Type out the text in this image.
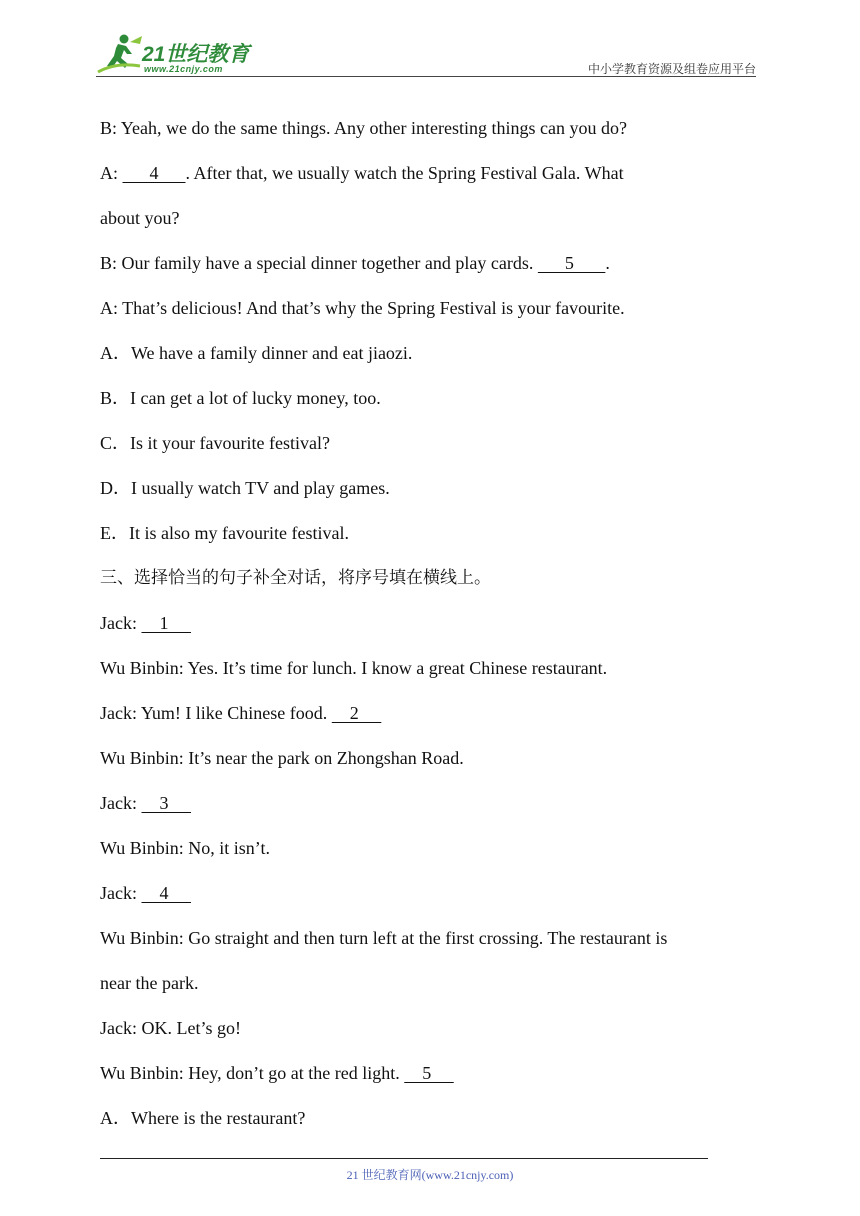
21世纪教育
www.21cnjy.com	中小学教育资源及组卷应用平台
B: Yeah, we do the same things. Any other interesting things can you do?
A:       4      . After that, we usually watch the Spring Festival Gala. What
about you?
B: Our family have a special dinner together and play cards.       5       .
A: That’s delicious! And that’s why the Spring Festival is your favourite.
A．We have a family dinner and eat jiaozi.
B．I can get a lot of lucky money, too.
C．Is it your favourite festival?
D．I usually watch TV and play games.
E．It is also my favourite festival.
三、选择恰当的句子补全对话，将序号填在横线上。
Jack:     1
Wu Binbin: Yes. It’s time for lunch. I know a great Chinese restaurant.
Jack: Yum! I like Chinese food.     2
Wu Binbin: It’s near the park on Zhongshan Road.
Jack:     3
Wu Binbin: No, it isn’t.
Jack:     4
Wu Binbin: Go straight and then turn left at the first crossing. The restaurant is
near the park.
Jack: OK. Let’s go!
Wu Binbin: Hey, don’t go at the red light.     5
A．Where is the restaurant?
21 世纪教育网(www.21cnjy.com)
